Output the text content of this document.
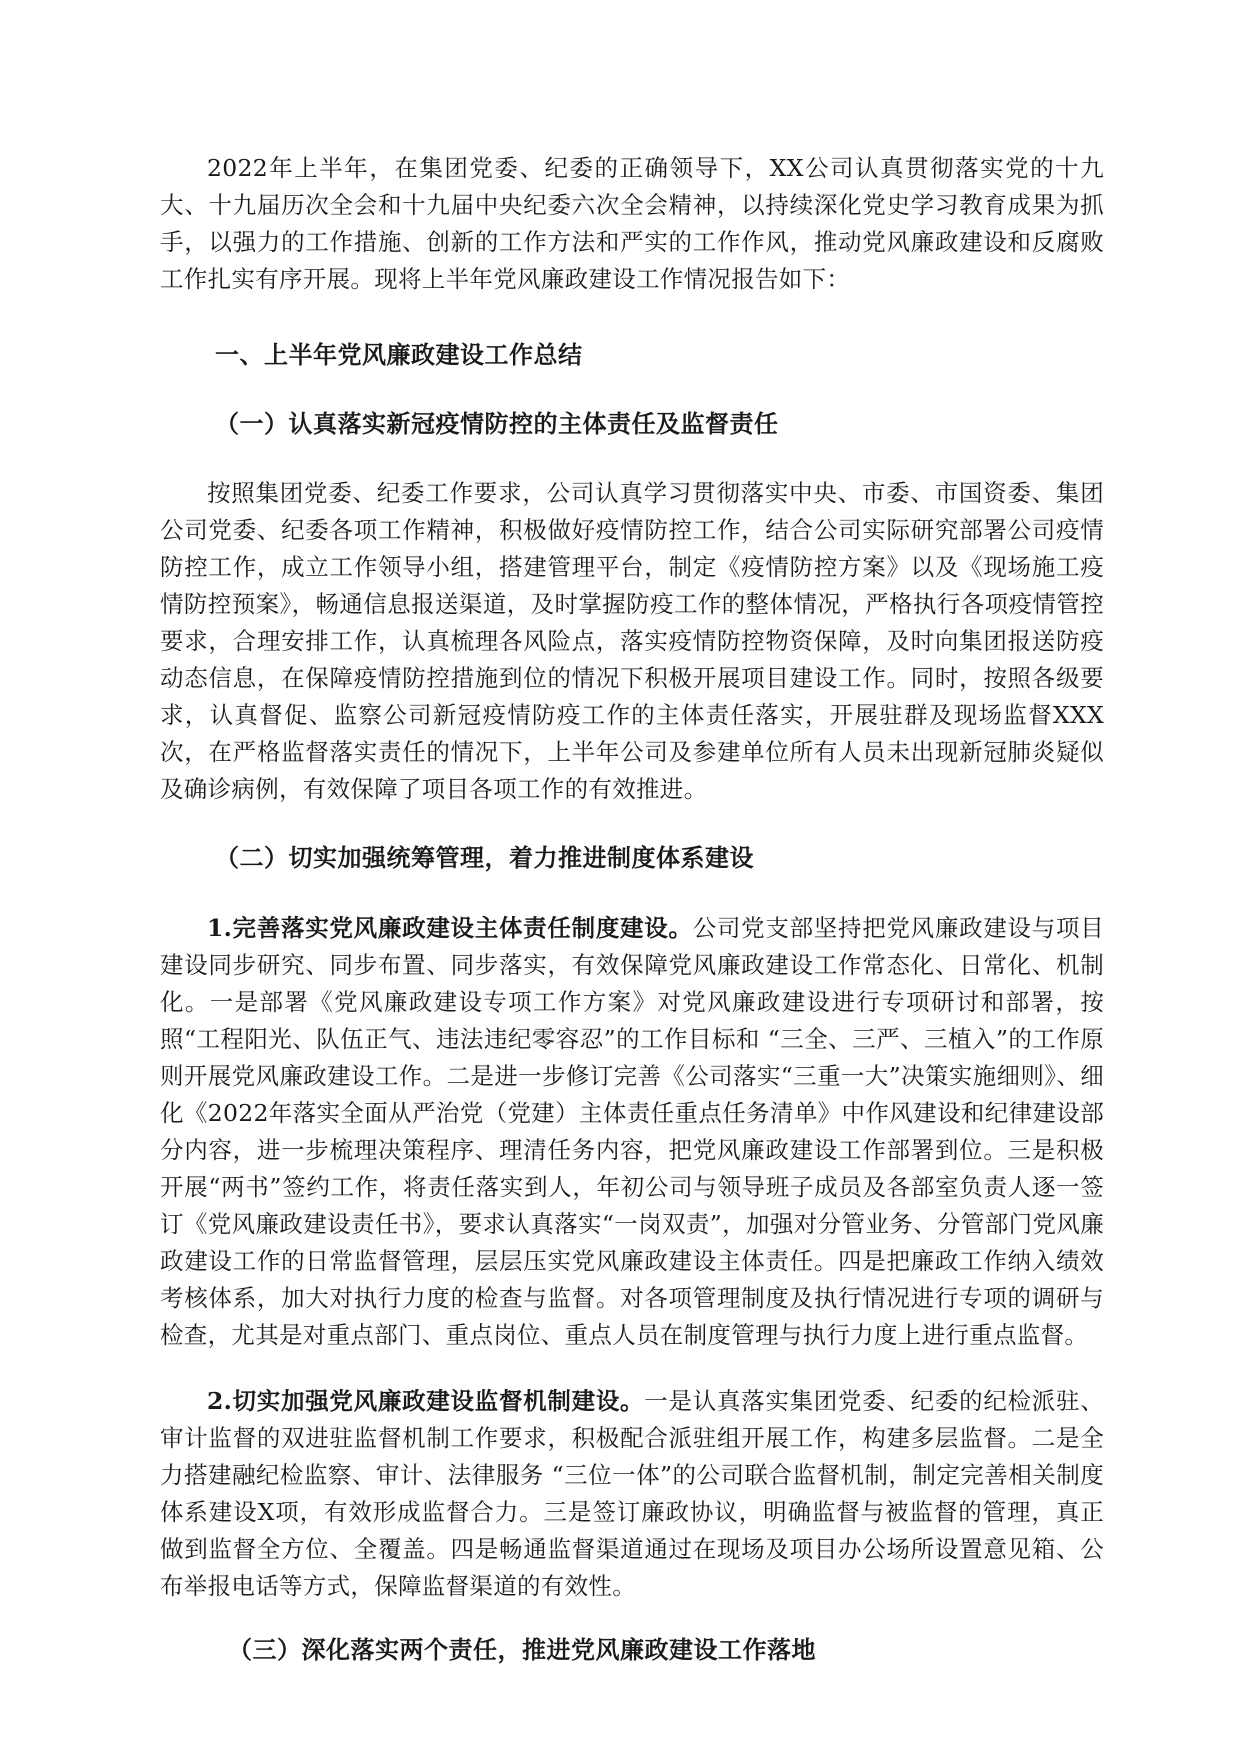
2022年上半年，在集团党委、纪委的正确领导下，XX公司认真贯彻落实党的十九大、十九届历次全会和十九届中央纪委六次全会精神，以持续深化党史学习教育成果为抓手，以强力的工作措施、创新的工作方法和严实的工作作风，推动党风廉政建设和反腐败工作扎实有序开展。现将上半年党风廉政建设工作情况报告如下：

一、上半年党风廉政建设工作总结

（一）认真落实新冠疫情防控的主体责任及监督责任

按照集团党委、纪委工作要求，公司认真学习贯彻落实中央、市委、市国资委、集团公司党委、纪委各项工作精神，积极做好疫情防控工作，结合公司实际研究部署公司疫情防控工作，成立工作领导小组，搭建管理平台，制定《疫情防控方案》以及《现场施工疫情防控预案》，畅通信息报送渠道，及时掌握防疫工作的整体情况，严格执行各项疫情管控要求，合理安排工作，认真梳理各风险点，落实疫情防控物资保障，及时向集团报送防疫动态信息，在保障疫情防控措施到位的情况下积极开展项目建设工作。同时，按照各级要求，认真督促、监察公司新冠疫情防疫工作的主体责任落实，开展驻群及现场监督XXX次，在严格监督落实责任的情况下，上半年公司及参建单位所有人员未出现新冠肺炎疑似及确诊病例，有效保障了项目各项工作的有效推进。

（二）切实加强统筹管理，着力推进制度体系建设

1.完善落实党风廉政建设主体责任制度建设。公司党支部坚持把党风廉政建设与项目建设同步研究、同步布置、同步落实，有效保障党风廉政建设工作常态化、日常化、机制化。一是部署《党风廉政建设专项工作方案》对党风廉政建设进行专项研讨和部署，按照“工程阳光、队伍正气、违法违纪零容忍”的工作目标和 “三全、三严、三植入”的工作原则开展党风廉政建设工作。二是进一步修订完善《公司落实“三重一大”决策实施细则》、细化《2022年落实全面从严治党（党建）主体责任重点任务清单》中作风建设和纪律建设部分内容，进一步梳理决策程序、理清任务内容，把党风廉政建设工作部署到位。三是积极开展“两书”签约工作，将责任落实到人，年初公司与领导班子成员及各部室负责人逐一签订《党风廉政建设责任书》，要求认真落实“一岗双责”，加强对分管业务、分管部门党风廉政建设工作的日常监督管理，层层压实党风廉政建设主体责任。四是把廉政工作纳入绩效考核体系，加大对执行力度的检查与监督。对各项管理制度及执行情况进行专项的调研与检查，尤其是对重点部门、重点岗位、重点人员在制度管理与执行力度上进行重点监督。

2.切实加强党风廉政建设监督机制建设。一是认真落实集团党委、纪委的纪检派驻、审计监督的双进驻监督机制工作要求，积极配合派驻组开展工作，构建多层监督。二是全力搭建融纪检监察、审计、法律服务 “三位一体”的公司联合监督机制，制定完善相关制度体系建设X项，有效形成监督合力。三是签订廉政协议，明确监督与被监督的管理，真正做到监督全方位、全覆盖。四是畅通监督渠道通过在现场及项目办公场所设置意见箱、公布举报电话等方式，保障监督渠道的有效性。

（三）深化落实两个责任，推进党风廉政建设工作落地
